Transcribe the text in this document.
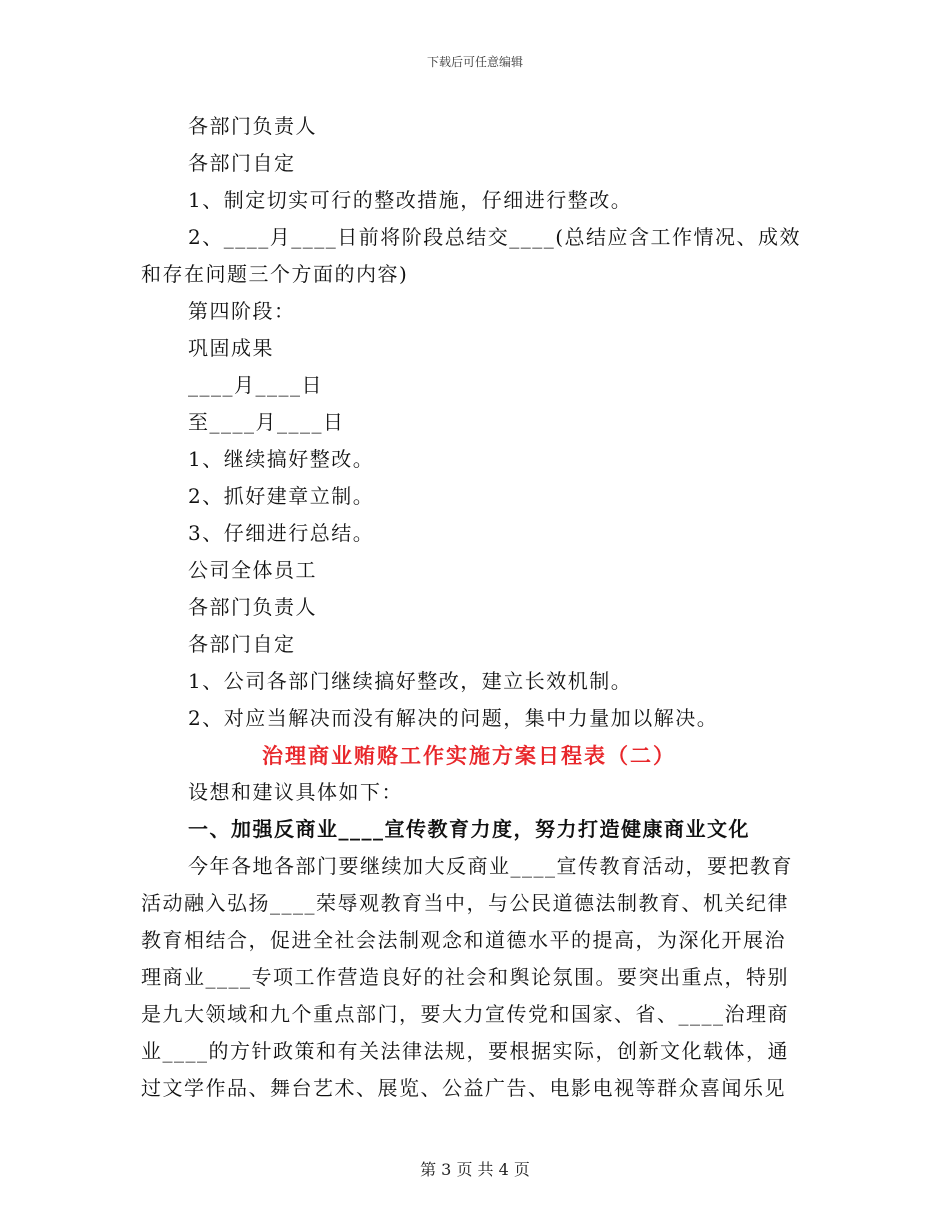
下载后可任意编辑
各部门负责人
各部门自定
1、制定切实可行的整改措施，仔细进行整改。
2、____月____日前将阶段总结交____(总结应含工作情况、成效
和存在问题三个方面的内容)
第四阶段：
巩固成果
____月____日
至____月____日
1、继续搞好整改。
2、抓好建章立制。
3、仔细进行总结。
公司全体员工
各部门负责人
各部门自定
1、公司各部门继续搞好整改，建立长效机制。
2、对应当解决而没有解决的问题，集中力量加以解决。
治理商业贿赂工作实施方案日程表（二）
设想和建议具体如下：
一、加强反商业____宣传教育力度，努力打造健康商业文化
今年各地各部门要继续加大反商业____宣传教育活动，要把教育
活动融入弘扬____荣辱观教育当中，与公民道德法制教育、机关纪律
教育相结合，促进全社会法制观念和道德水平的提高，为深化开展治
理商业____专项工作营造良好的社会和舆论氛围。要突出重点，特别
是九大领域和九个重点部门，要大力宣传党和国家、省、____治理商
业____的方针政策和有关法律法规，要根据实际，创新文化载体，通
过文学作品、舞台艺术、展览、公益广告、电影电视等群众喜闻乐见
第 3 页 共 4 页
